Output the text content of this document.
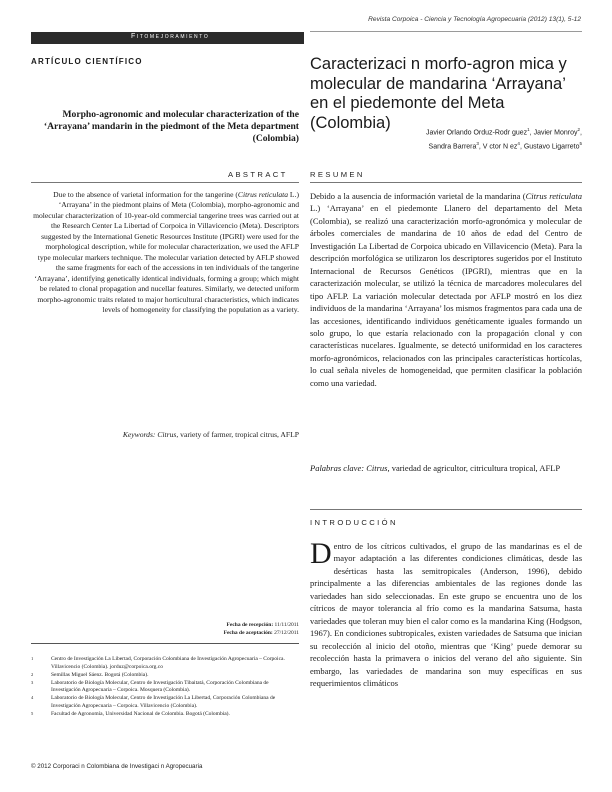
Fitomejoramiento
Revista Corpoica - Ciencia y Tecnología Agropecuaria (2012) 13(1), 5-12
ARTÍCULO CIENTÍFICO	Caracterizaci n morfo-agron mica y molecular de mandarina ‘Arrayana’ en el piedemonte del Meta (Colombia)
Morpho-agronomic and molecular characterization of the ‘Arrayana’ mandarin in the piedmont of the Meta department (Colombia)
Javier Orlando Orduz-Rodr guez$^1$, Javier Monroy$^2$,
Sandra Barrera$^3$, V ctor N $ez^4$, Gustavo Ligarreto$^5$
ABSTRACT
Due to the absence of varietal information for the tangerine (Citrus reticulata L.) ‘Arrayana’ in the piedmont plains of Meta (Colombia), morpho-agronomic and molecular characterization of 10-year-old commercial tangerine trees was carried out at the Research Center La Libertad of Corpoica in Villavicencio (Meta). Descriptors suggested by the International Genetic Resources Institute (IPGRI) were used for the morphological description, while for molecular characterization, we used the AFLP type molecular markers technique. The molecular variation detected by AFLP showed the same fragments for each of the accessions in ten individuals of the tangerine ‘Arrayana’, identifying genetically identical individuals, forming a group; which might be related to clonal propagation and nucellar features. Similarly, we detected uniform morpho-agronomic traits related to major horticultural characteristics, which indicates levels of homogeneity for classifying the population as a variety.
Keywords: Citrus, variety of farmer, tropical citrus, AFLP
RESUMEN
Debido a la ausencia de información varietal de la mandarina (Citrus reticulata L.) ‘Arrayana’ en el piedemonte Llanero del departamento del Meta (Colombia), se realizó una caracterización morfo-agronómica y molecular de árboles comerciales de mandarina de 10 años de edad del Centro de Investigación La Libertad de Corpoica ubicado en Villavicencio (Meta). Para la descripción morfológica se utilizaron los descriptores sugeridos por el Instituto Internacional de Recursos Genéticos (IPGRI), mientras que en la caracterización molecular, se utilizó la técnica de marcadores moleculares del tipo AFLP. La variación molecular detectada por AFLP mostró en los diez individuos de la mandarina ‘Arrayana’ los mismos fragmentos para cada una de las accesiones, identificando individuos genéticamente iguales formando un solo grupo, lo que estaría relacionado con la propagación clonal y con características nucelares. Igualmente, se detectó uniformidad en los caracteres morfo-agronómicos, relacionados con las principales características hortícolas, lo cual señala niveles de homogeneidad, que permiten clasificar la población como una variedad.
Palabras clave: Citrus, variedad de agricultor, citricultura tropical, AFLP
INTRODUCCIÓN
Dentro de los cítricos cultivados, el grupo de las mandarinas es el de mayor adaptación a las diferentes condiciones climáticas, desde las desérticas hasta las semitropicales (Anderson, 1996), debido principalmente a las diferencias ambientales de las regiones donde las variedades han sido seleccionadas. En este grupo se encuentra uno de los cítricos de mayor tolerancia al frío como es la mandarina Satsuma, hasta variedades que toleran muy bien el calor como es la mandarina King (Hodgson, 1967). En condiciones subtropicales, existen variedades de Satsuma que inician su recolección al inicio del otoño, mientras que ‘King’ puede demorar su recolección hasta la primavera o inicios del verano del año siguiente. Sin embargo, las variedades de mandarina son muy específicas en sus requerimientos climáticos
Fecha de recepción: 11/11/2011
Fecha de aceptación: 27/12/2011
1	Centro de Investigación La Libertad, Corporación Colombiana de Investigación Agropecuaria – Corpoica. Villavicencio (Colombia). jorduz@corpoica.org.co
2	Semillas Miguel Sáenz. Bogotá (Colombia).
3	Laboratorio de Biología Molecular, Centro de Investigación Tibaitatá, Corporación Colombiana de Investigación Agropecuaria – Corpoica. Mosquera (Colombia).
4	Laboratorio de Biología Molecular, Centro de Investigación La Libertad, Corporación Colombiana de Investigación Agropecuaria – Corpoica. Villavicencio (Colombia).
5	Facultad de Agronomía, Universidad Nacional de Colombia. Bogotá (Colombia).
© 2012 Corporaci n Colombiana de Investigaci n Agropecuaria
